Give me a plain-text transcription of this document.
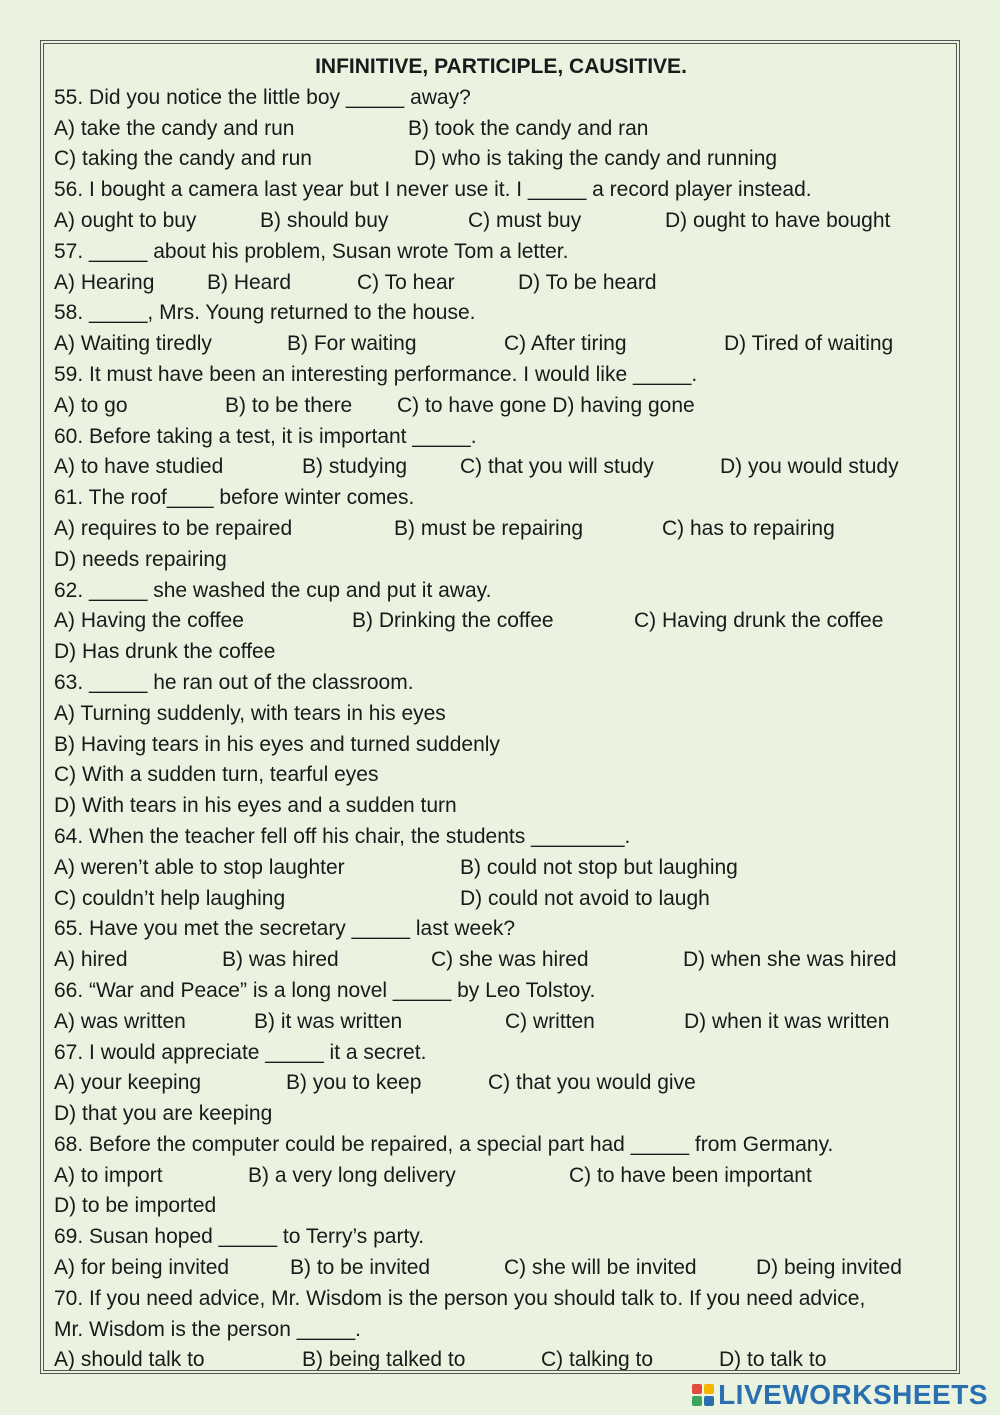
INFINITIVE, PARTICIPLE, CAUSITIVE.
55. Did you notice the little boy _____ away?
A) take the candy and run	B) took the candy and ran
C) taking the candy and run	D) who is taking the candy and running
56. I bought a camera last year but I never use it. I _____ a record player instead.
A) ought to buy	B) should buy	C) must buy	D) ought to have bought
57. _____ about his problem, Susan wrote Tom a letter.
A) Hearing	B) Heard	C) To hear	D) To be heard
58. _____, Mrs. Young returned to the house.
A) Waiting tiredly	B) For waiting	C) After tiring	D) Tired of waiting
59. It must have been an interesting performance. I would like _____.
A) to go	B) to be there C) to have gone D) having gone
60. Before taking a test, it is important _____.
A) to have studied	B) studying	C) that you will study	D) you would study
61. The roof____ before winter comes.
A) requires to be repaired	B) must be repairing	C) has to repairing
D) needs repairing
62. _____ she washed the cup and put it away.
A) Having the coffee	B) Drinking the coffee	C) Having drunk the coffee
D) Has drunk the coffee
63. _____ he ran out of the classroom.
A) Turning suddenly, with tears in his eyes
B) Having tears in his eyes and turned suddenly
C) With a sudden turn, tearful eyes
D) With tears in his eyes and a sudden turn
64. When the teacher fell off his chair, the students ________.
A) weren’t able to stop laughter	B) could not stop but laughing
C) couldn’t help laughing	D) could not avoid to laugh
65. Have you met the secretary _____ last week?
A) hired	B) was hired	C) she was hired	D) when she was hired
66. “War and Peace” is a long novel _____ by Leo Tolstoy.
A) was written	B) it was written	C) written	D) when it was written
67. I would appreciate _____ it a secret.
A) your keeping	B) you to keep	C) that you would give
D) that you are keeping
68. Before the computer could be repaired, a special part had _____ from Germany.
A) to import	B) a very long delivery	C) to have been important
D) to be imported
69. Susan hoped _____ to Terry’s party.
A) for being invited	B) to be invited	C) she will be invited	D) being invited
70. If you need advice, Mr. Wisdom is the person you should talk to. If you need advice,
Mr. Wisdom is the person _____.
A) should talk to	B) being talked to	C) talking to	D) to talk to
LIVEWORKSHEETS
